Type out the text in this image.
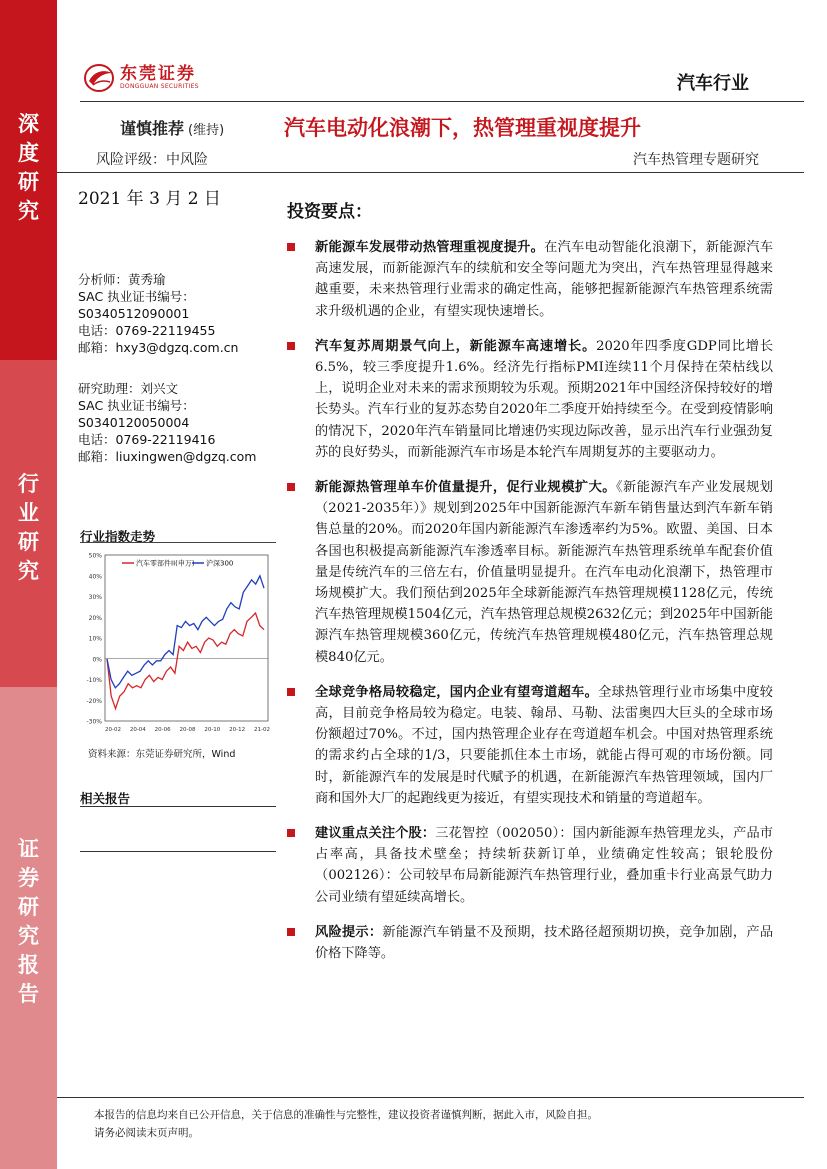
深
度
研
究
行
业
研
究
证
券
研
究
报
告
东莞证券
DONGGUAN SECURITIES	汽车行业
谨慎推荐 (维持)	汽车电动化浪潮下，热管理重视度提升
风险评级：中风险	汽车热管理专题研究
2021 年 3 月 2 日
分析师：黄秀瑜
SAC 执业证书编号：
S0340512090001
电话：0769-22119455
邮箱：hxy3@dgzq.com.cn
研究助理：刘兴文
SAC 执业证书编号：
S0340120050004
电话：0769-22119416
邮箱：liuxingwen@dgzq.com
行业指数走势
50%
40%
30%
20%
10%
0%
-10%
-20%
-30%
20-02 20-04 20-06 20-08 20-10 20-12 21-02
汽车零部件II(申万) 沪深300
资料来源：东莞证券研究所，Wind
相关报告
投资要点：
新能源车发展带动热管理重视度提升。在汽车电动智能化浪潮下，新能源汽车高速发展，而新能源汽车的续航和安全等问题尤为突出，汽车热管理显得越来越重要，未来热管理行业需求的确定性高，能够把握新能源汽车热管理系统需求升级机遇的企业，有望实现快速增长。
汽车复苏周期景气向上，新能源车高速增长。2020年四季度GDP同比增长6.5%，较三季度提升1.6%。经济先行指标PMI连续11个月保持在荣枯线以上，说明企业对未来的需求预期较为乐观。预期2021年中国经济保持较好的增长势头。汽车行业的复苏态势自2020年二季度开始持续至今。在受到疫情影响的情况下，2020年汽车销量同比增速仍实现边际改善，显示出汽车行业强劲复苏的良好势头，而新能源汽车市场是本轮汽车周期复苏的主要驱动力。
新能源热管理单车价值量提升，促行业规模扩大。《新能源汽车产业发展规划（2021-2035年）》规划到2025年中国新能源汽车新车销售量达到汽车新车销售总量的20%。而2020年国内新能源汽车渗透率约为5%。欧盟、美国、日本各国也积极提高新能源汽车渗透率目标。新能源汽车热管理系统单车配套价值量是传统汽车的三倍左右，价值量明显提升。在汽车电动化浪潮下，热管理市场规模扩大。我们预估到2025年全球新能源汽车热管理规模1128亿元，传统汽车热管理规模1504亿元，汽车热管理总规模2632亿元；到2025年中国新能源汽车热管理规模360亿元，传统汽车热管理规模480亿元，汽车热管理总规模840亿元。
全球竞争格局较稳定，国内企业有望弯道超车。全球热管理行业市场集中度较高，目前竞争格局较为稳定。电装、翰昂、马勒、法雷奥四大巨头的全球市场份额超过70%。不过，国内热管理企业存在弯道超车机会。中国对热管理系统的需求约占全球的1/3，只要能抓住本土市场，就能占得可观的市场份额。同时，新能源汽车的发展是时代赋予的机遇，在新能源汽车热管理领域，国内厂商和国外大厂的起跑线更为接近，有望实现技术和销量的弯道超车。
建议重点关注个股：三花智控（002050）：国内新能源车热管理龙头，产品市占率高，具备技术壁垒；持续斩获新订单，业绩确定性较高；银轮股份（002126）：公司较早布局新能源汽车热管理行业，叠加重卡行业高景气助力公司业绩有望延续高增长。
风险提示：新能源汽车销量不及预期，技术路径超预期切换，竞争加剧，产品价格下降等。
本报告的信息均来自已公开信息，关于信息的准确性与完整性，建议投资者谨慎判断，据此入市，风险自担。
请务必阅读末页声明。
